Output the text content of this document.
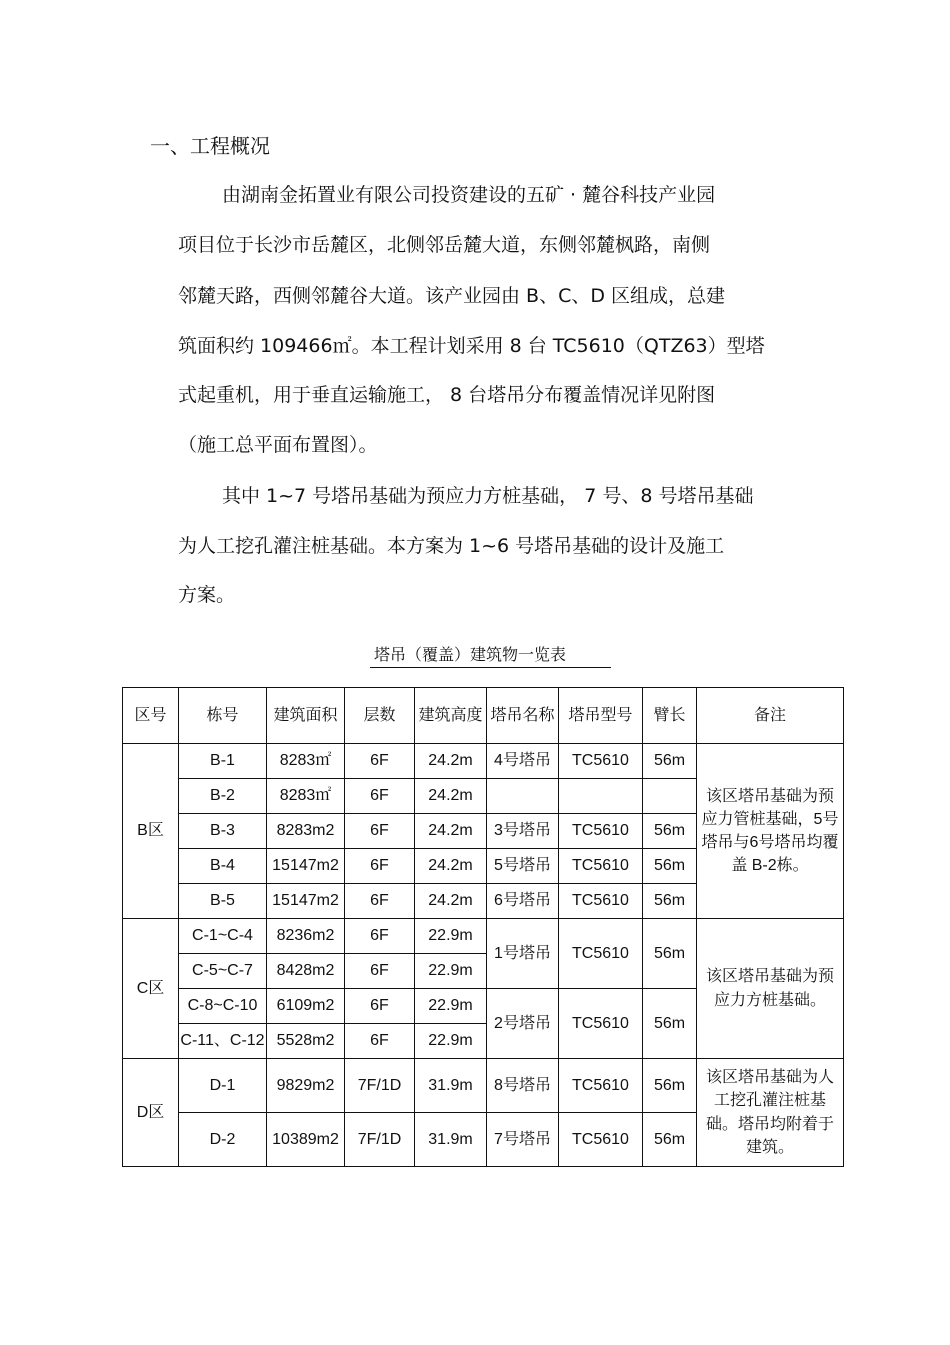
一、工程概况
由湖南金拓置业有限公司投资建设的五矿 · 麓谷科技产业园
项目位于长沙市岳麓区，北侧邻岳麓大道，东侧邻麓枫路，南侧
邻麓天路，西侧邻麓谷大道。该产业园由 B、C、D 区组成，总建
筑面积约 109466㎡。本工程计划采用 8 台 TC5610（QTZ63）型塔
式起重机，用于垂直运输施工， 8 台塔吊分布覆盖情况详见附图
（施工总平面布置图）。
其中 1~7 号塔吊基础为预应力方桩基础， 7 号、8 号塔吊基础
为人工挖孔灌注桩基础。本方案为 1~6 号塔吊基础的设计及施工
方案。
塔吊（覆盖）建筑物一览表
区号	栋号	建筑面积	层数	建筑高度	塔吊名称	塔吊型号	臂长	备注
B区	B-1	8283㎡	6F	24.2m	4号塔吊	TC5610	56m	该区塔吊基础为预应力管桩基础，5号塔吊与6号塔吊均覆盖 B-2栋。
	B-2	8283㎡	6F	24.2m				
	B-3	8283m2	6F	24.2m	3号塔吊	TC5610	56m	
	B-4	15147m2	6F	24.2m	5号塔吊	TC5610	56m	
	B-5	15147m2	6F	24.2m	6号塔吊	TC5610	56m	
C区	C-1~C-4	8236m2	6F	22.9m	1号塔吊	TC5610	56m	该区塔吊基础为预应力方桩基础。
	C-5~C-7	8428m2	6F	22.9m				
	C-8~C-10	6109m2	6F	22.9m	2号塔吊	TC5610	56m	
	C-11、C-12	5528m2	6F	22.9m				
D区	D-1	9829m2	7F/1D	31.9m	8号塔吊	TC5610	56m	该区塔吊基础为人工挖孔灌注桩基础。塔吊均附着于建筑。
	D-2	10389m2	7F/1D	31.9m	7号塔吊	TC5610	56m	
